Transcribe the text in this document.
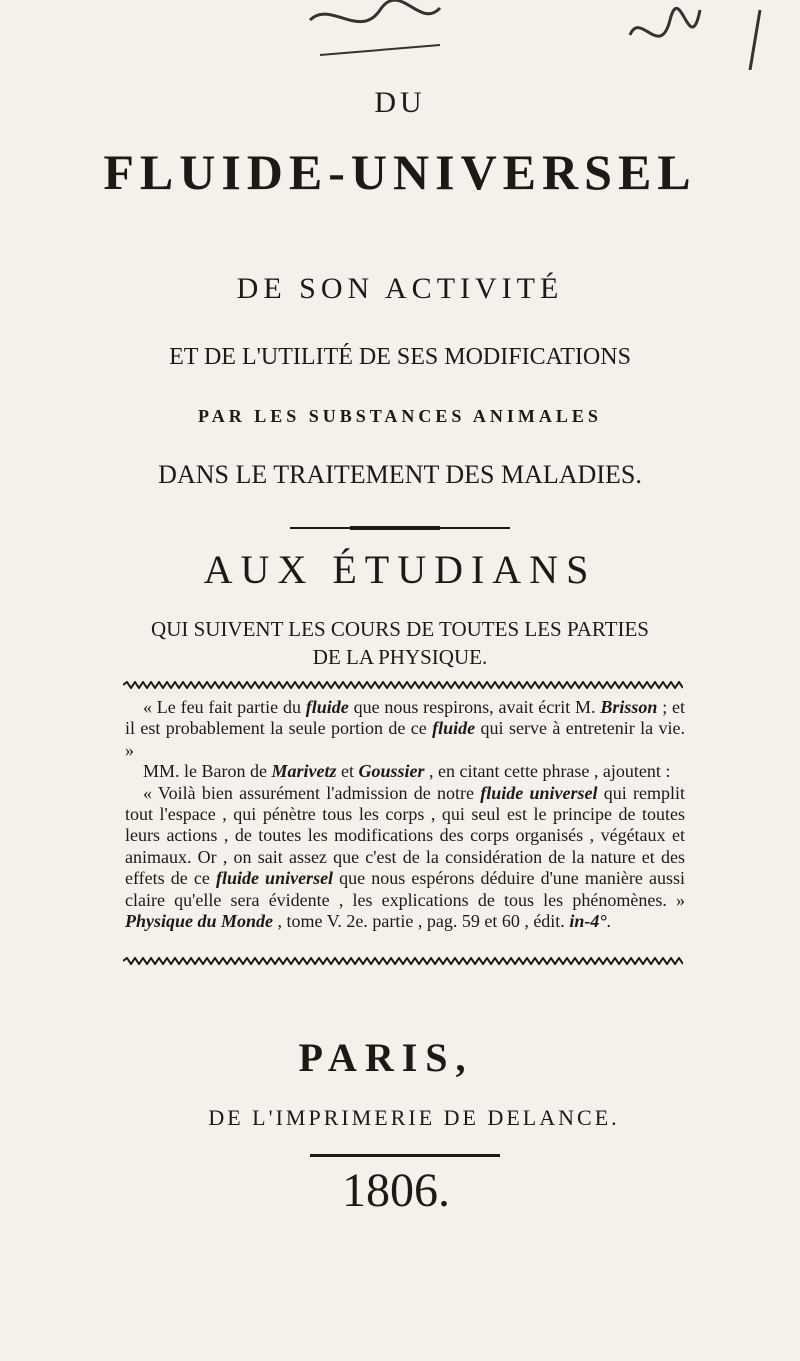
DU
FLUIDE-UNIVERSEL
DE SON ACTIVITÉ
ET DE L'UTILITÉ DE SES MODIFICATIONS
PAR LES SUBSTANCES ANIMALES
DANS LE TRAITEMENT DES MALADIES.
AUX ÉTUDIANS
QUI SUIVENT LES COURS DE TOUTES LES PARTIES
DE LA PHYSIQUE.

« Le feu fait partie du fluide que nous respirons, avait écrit M. Brisson ; et il est probablement la seule portion de ce fluide qui serve à entretenir la vie. »

MM. le Baron de Marivetz et Goussier , en citant cette phrase , ajoutent :

« Voilà bien assurément l'admission de notre fluide universel qui remplit tout l'espace , qui pénètre tous les corps , qui seul est le principe de toutes leurs actions , de toutes les modifications des corps organisés , végétaux et animaux. Or , on sait assez que c'est de la considération de la nature et des effets de ce fluide universel que nous espérons déduire d'une manière aussi claire qu'elle sera évidente , les explications de tous les phénomènes. » Physique du Monde , tome V. 2e. partie , pag. 59 et 60 , édit. in-4°.

PARIS,
DE L'IMPRIMERIE DE DELANCE.
1806.
